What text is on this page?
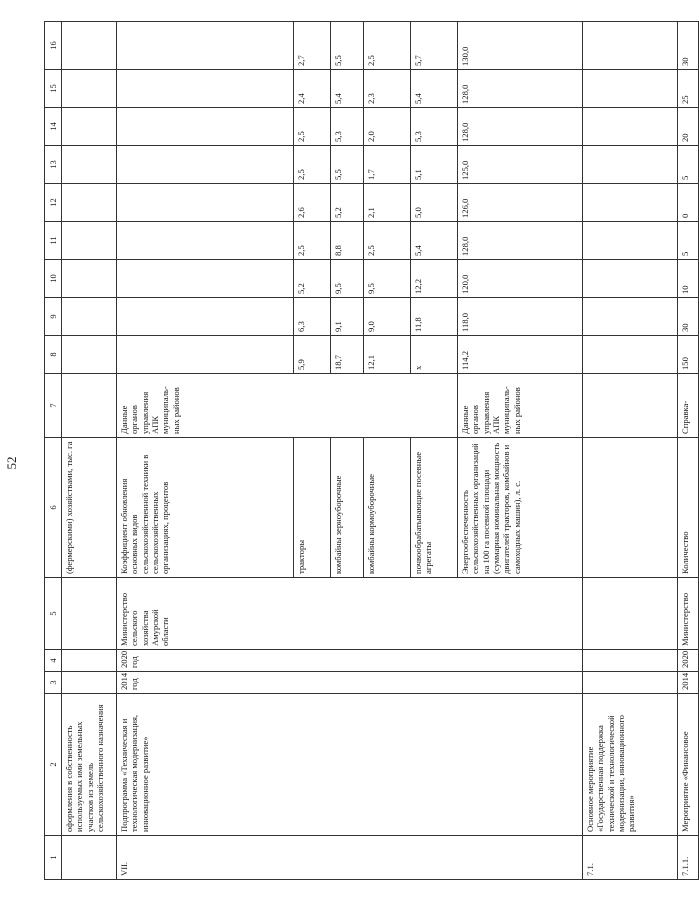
52
1	2	3	4	5	6	7	8	9	10	11	12	13	14	15	16
	оформления в собственность используемых ими земельных участков из земель сельскохозяйственного назначения				(фермерскими) хозяйствами, тыс. га										
VII.	Подпрограмма «Техническая и технологическая модернизация, инновационное развитие»	2014 год	2020 год	Министерство сельского хозяйства Амурской области	Коэффициент обновления основных видов сельскохозяйственной техники в сельскохозяйственных организациях, процентов	Данные органов управления АПК муниципаль-ных районов									
					тракторы		5,9	6,3	5,2	2,5	2,6	2,5	2,5	2,4	2,7
					комбайны зерноуборочные		18,7	9,1	9,5	8,8	5,2	5,5	5,3	5,4	5,5
					комбайны кормоуборочные		12,1	9,0	9,5	2,5	2,1	1,7	2,0	2,3	2,5
					почвообрабатывающие посевные агрегаты		x	11,8	12,2	5,4	5,0	5,1	5,3	5,4	5,7
					Энергообеспеченность сельскохозяйственных организаций на 100 га посевной площади (суммарная номинальная мощность двигателей тракторов, комбайнов и самоходных машин), л. с.	Данные органов управления АПК муниципаль-ных районов	114,2	118,0	120,0	128,0	126,0	125,0	128,0	128,0	130,0
7.1.	Основное мероприятие «Государственная поддержка технической и технологической модернизации, инновационного развития»														
7.1.1.	Мероприятие «Финансовое	2014	2020	Министерство	Количество	Справка-	150	30	10	5	0	5	20	25	30
